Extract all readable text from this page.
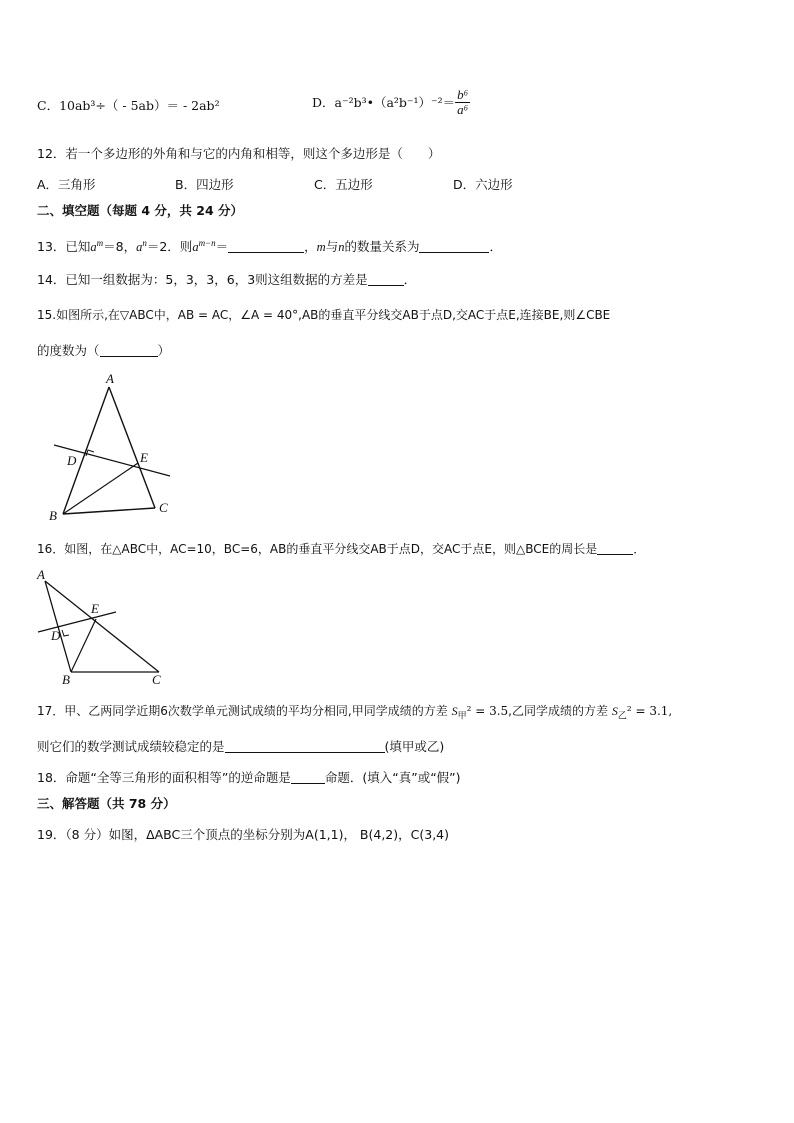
C．10ab³÷（ - 5ab）＝ - 2ab²	D．a⁻²b³•（a²b⁻¹）⁻²＝ $\frac{\text{b⁶}}{\text{a⁶}}$
12．若一个多边形的外角和与它的内角和相等，则这个多边形是（　　）
A．三角形	B．四边形	C．五边形	D．六边形
二、填空题（每题 4 分，共 24 分）
13．已知$a^m=8$，$a^n=2$．则$a^{m-n}=$	，m与n的数量关系为	．
14．已知一组数据为：5，3，3，6，3则这组数据的方差是	．
15.如图所示,在▽ABC中，AB = AC，∠A = 40°,AB的垂直平分线交AB于点D,交AC于点E,连接BE,则∠CBE
的度数为（	）
A
D	E
B
C
16．如图，在△ABC中，AC=10，BC=6，AB的垂直平分线交AB于点D，交AC于点E，则△BCE的周长是	．
A
E
D
B	C
17．甲、乙两同学近期6次数学单元测试成绩的平均分相同,甲同学成绩的方差 $S_甲^2 = 3.5$,乙同学成绩的方差 $S_乙^2 = 3.1$,
则它们的数学测试成绩较稳定的是	(填甲或乙)
18．命题“全等三角形的面积相等”的逆命题是	命题．(填入“真”或“假”)
三、解答题（共 78 分）
19．（8 分）如图，ΔABC三个顶点的坐标分别为A(1,1)， B(4,2)，C(3,4)
